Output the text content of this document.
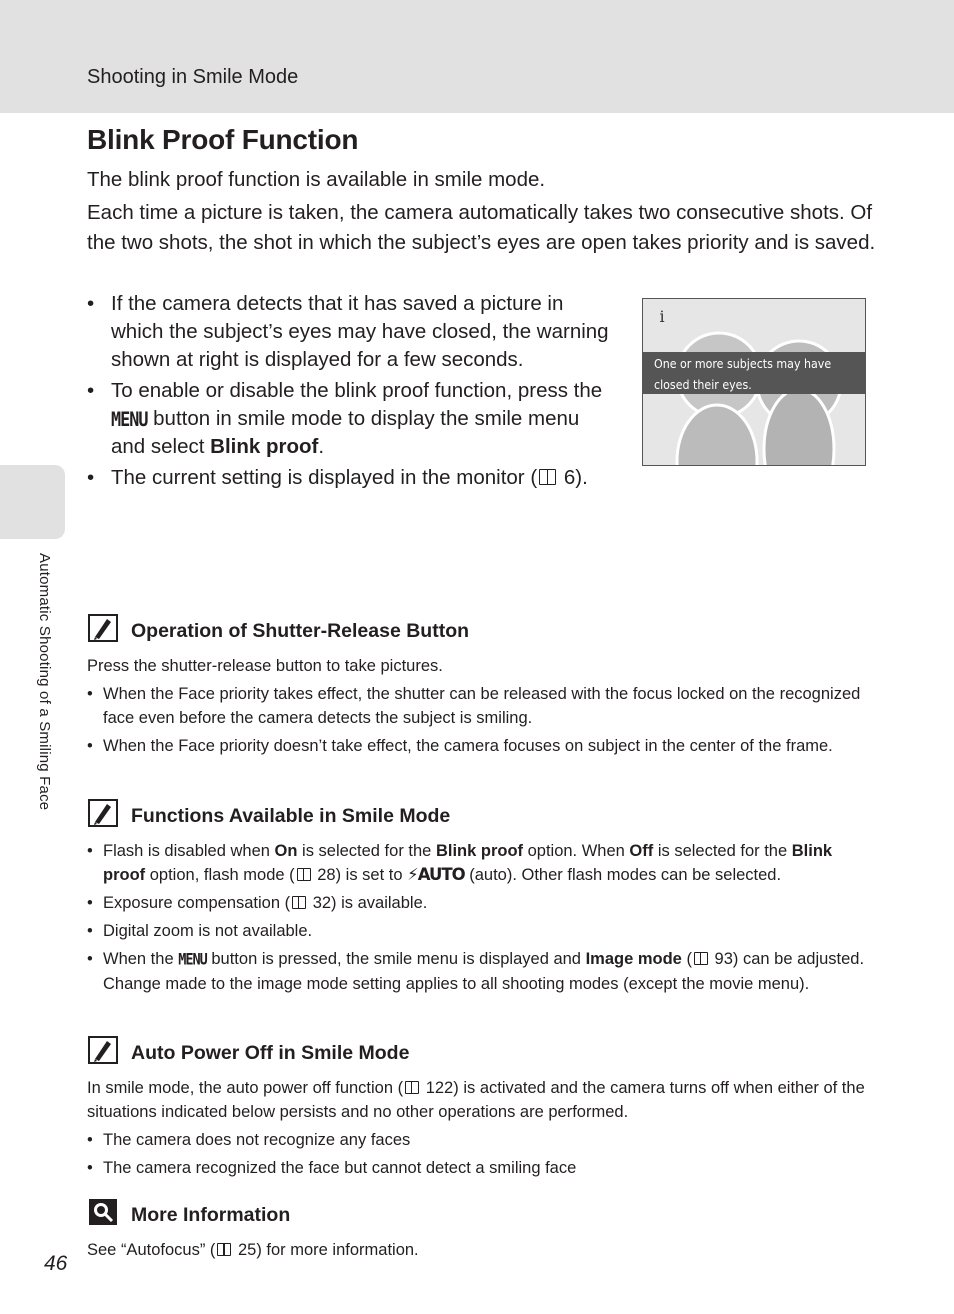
Shooting in Smile Mode
Automatic Shooting of a Smiling Face
Blink Proof Function

The blink proof function is available in smile mode.

Each time a picture is taken, the camera automatically takes two consecutive shots. Of the two shots, the shot in which the subject’s eyes are open takes priority and is saved.

• If the camera detects that it has saved a picture in which the subject’s eyes may have closed, the warning shown at right is displayed for a few seconds.
• To enable or disable the blink proof function, press the MENU button in smile mode to display the smile menu and select Blink proof.
• The current setting is displayed in the monitor ( 6).
i
One or more subjects may have
closed their eyes.
Operation of Shutter-Release Button

Press the shutter-release button to take pictures.

• When the Face priority takes effect, the shutter can be released with the focus locked on the recognized face even before the camera detects the subject is smiling.
• When the Face priority doesn’t take effect, the camera focuses on subject in the center of the frame.
Functions Available in Smile Mode
• Flash is disabled when On is selected for the Blink proof option. When Off is selected for the Blink proof option, flash mode ( 28) is set to ⚡AUTO (auto). Other flash modes can be selected.
• Exposure compensation ( 32) is available.
• Digital zoom is not available.
• When the MENU button is pressed, the smile menu is displayed and Image mode ( 93) can be adjusted. Change made to the image mode setting applies to all shooting modes (except the movie menu).
Auto Power Off in Smile Mode

In smile mode, the auto power off function ( 122) is activated and the camera turns off when either of the situations indicated below persists and no other operations are performed.

• The camera does not recognize any faces
• The camera recognized the face but cannot detect a smiling face
More Information

See “Autofocus” ( 25) for more information.

46
